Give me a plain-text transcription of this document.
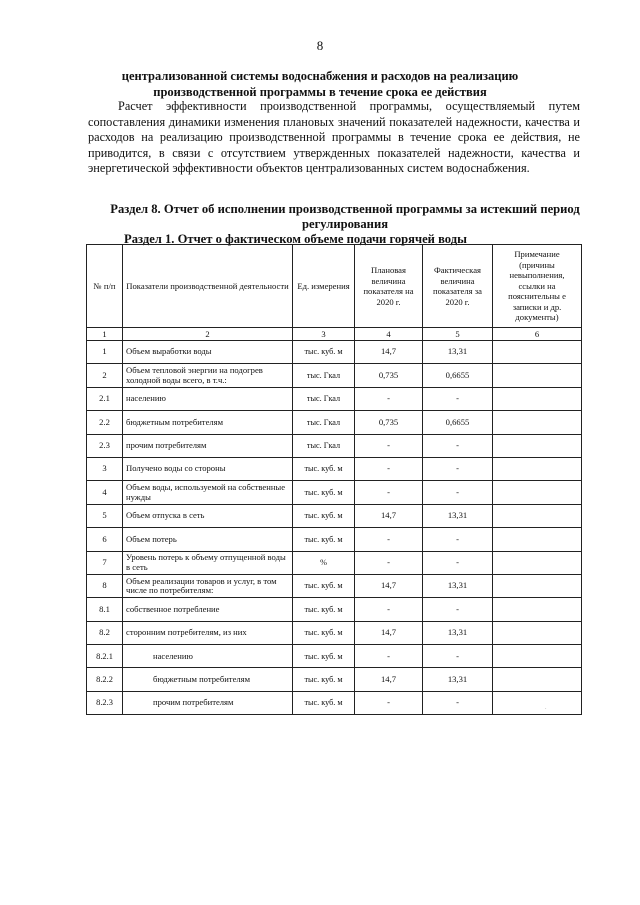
8
централизованной системы водоснабжения и расходов на реализацию производственной программы в течение срока ее действия

Расчет эффективности производственной программы, осуществляемый путем сопоставления динамики изменения плановых значений показателей надежности, качества и расходов на реализацию производственной программы в течение срока ее действия, не приводится, в связи с отсутствием утвержденных показателей надежности, качества и энергетической эффективности объектов централизованных систем водоснабжения.

Раздел 8. Отчет об исполнении производственной программы за истекший период регулирования
Раздел 1. Отчет о фактическом объеме подачи горячей воды
№ п/п	Показатели производственной деятельности	Ед. измерения	Плановая величина показателя на 2020 г.	Фактическая величина показателя за 2020 г.	Примечание (причины невыполнения, ссылки на пояснительны е записки и др. документы)
1	2	3	4	5	6
1	Объем выработки воды	тыс. куб. м	14,7	13,31	
2	Объем тепловой энергии на подогрев холодной воды всего, в т.ч.:	тыс. Гкал	0,735	0,6655	
2.1	населению	тыс. Гкал	-	-	
2.2	бюджетным потребителям	тыс. Гкал	0,735	0,6655	
2.3	прочим потребителям	тыс. Гкал	-	-	
3	Получено воды со стороны	тыс. куб. м	-	-	
4	Объем воды, используемой на собственные нужды	тыс. куб. м	-	-	
5	Объем отпуска в сеть	тыс. куб. м	14,7	13,31	
6	Объем потерь	тыс. куб. м	-	-	
7	Уровень потерь к объему отпущенной воды в сеть	%	-	-	
8	Объем реализации товаров и услуг, в том числе по потребителям:	тыс. куб. м	14,7	13,31	
8.1	собственное потребление	тыс. куб. м	-	-	
8.2	сторонним потребителям, из них	тыс. куб. м	14,7	13,31	
8.2.1	населению	тыс. куб. м	-	-	
8.2.2	бюджетным потребителям	тыс. куб. м	14,7	13,31	
8.2.3	прочим потребителям	тыс. куб. м	-	-	
.
